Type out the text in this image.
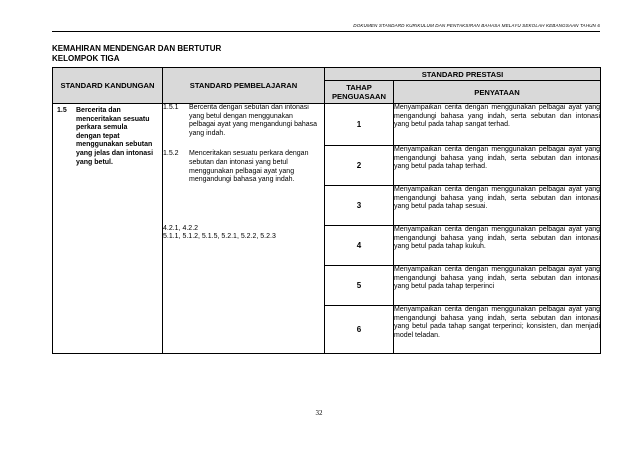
DOKUMEN STANDARD KURIKULUM DAN PENTAKSIRAN BAHASA MELAYU SEKOLAH KEBANGSAAN TAHUN 6
KEMAHIRAN MENDENGAR DAN BERTUTUR
KELOMPOK TIGA
STANDARD KANDUNGAN	STANDARD PEMBELAJARAN	STANDARD PRESTASI	
		TAHAP PENGUASAAN	PENYATAAN

1.5 Bercerita dan menceritakan sesuatu perkara semula dengan tepat menggunakan sebutan yang jelas dan intonasi yang betul.	1.5.1 Bercerita dengan sebutan dan intonasi yang betul dengan menggunakan pelbagai ayat yang mengandungi bahasa yang indah.
1.5.2 Menceritakan sesuatu perkara dengan sebutan dan intonasi yang betul menggunakan pelbagai ayat yang mengandungi bahasa yang indah.
4.2.1, 4.2.2
5.1.1, 5.1.2, 5.1.5, 5.2.1, 5.2.2, 5.2.3	1	Menyampaikan cerita dengan menggunakan pelbagai ayat yang mengandungi bahasa yang indah, serta sebutan dan intonasi yang betul pada tahap sangat terhad.
		2	Menyampaikan cerita dengan menggunakan pelbagai ayat yang mengandungi bahasa yang indah, serta sebutan dan intonasi yang betul pada tahap terhad.
		3	Menyampaikan cerita dengan menggunakan pelbagai ayat yang mengandungi bahasa yang indah, serta sebutan dan intonasi yang betul pada tahap sesuai.
		4	Menyampaikan cerita dengan menggunakan pelbagai ayat yang mengandungi bahasa yang indah, serta sebutan dan intonasi yang betul pada tahap kukuh.
		5	Menyampaikan cerita dengan menggunakan pelbagai ayat yang mengandungi bahasa yang indah, serta sebutan dan intonasi yang betul pada tahap terperinci
		6	Menyampaikan cerita dengan menggunakan pelbagai ayat yang mengandungi bahasa yang indah, serta sebutan dan intonasi yang betul pada tahap sangat terperinci; konsisten, dan menjadi model teladan.
32
